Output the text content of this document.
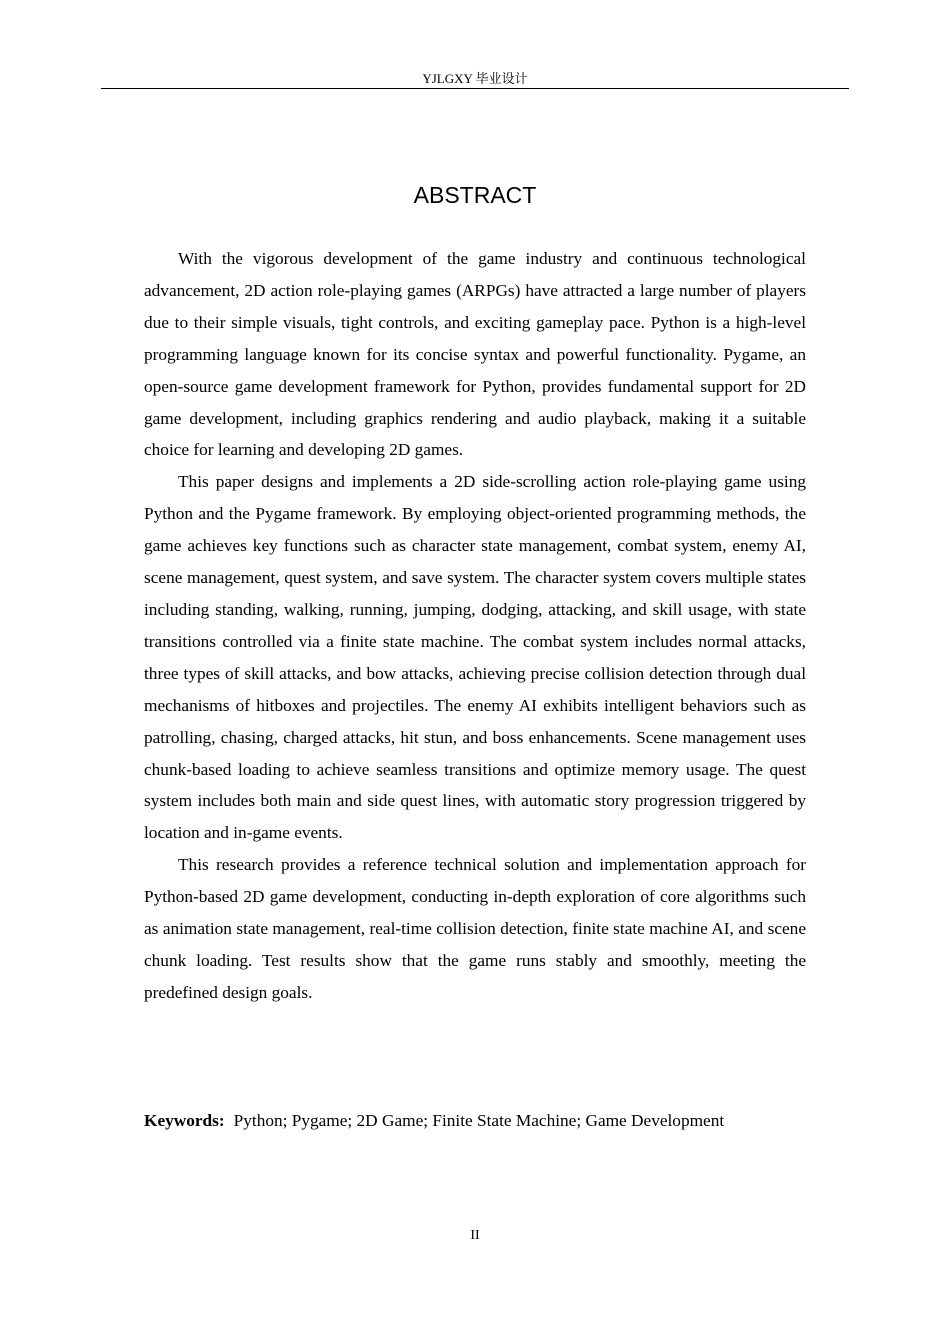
YJLGXY 毕业设计
ABSTRACT

With the vigorous development of the game industry and continuous technological advancement, 2D action role-playing games (ARPGs) have attracted a large number of players due to their simple visuals, tight controls, and exciting gameplay pace. Python is a high-level programming language known for its concise syntax and powerful functionality. Pygame, an open-source game development framework for Python, provides fundamental support for 2D game development, including graphics rendering and audio playback, making it a suitable choice for learning and developing 2D games.

This paper designs and implements a 2D side-scrolling action role-playing game using Python and the Pygame framework. By employing object-oriented programming methods, the game achieves key functions such as character state management, combat system, enemy AI, scene management, quest system, and save system. The character system covers multiple states including standing, walking, running, jumping, dodging, attacking, and skill usage, with state transitions controlled via a finite state machine. The combat system includes normal attacks, three types of skill attacks, and bow attacks, achieving precise collision detection through dual mechanisms of hitboxes and projectiles. The enemy AI exhibits intelligent behaviors such as patrolling, chasing, charged attacks, hit stun, and boss enhancements. Scene management uses chunk-based loading to achieve seamless transitions and optimize memory usage. The quest system includes both main and side quest lines, with automatic story progression triggered by location and in-game events.

This research provides a reference technical solution and implementation approach for Python-based 2D game development, conducting in-depth exploration of core algorithms such as animation state management, real-time collision detection, finite state machine AI, and scene chunk loading. Test results show that the game runs stably and smoothly, meeting the predefined design goals.

Keywords: Python; Pygame; 2D Game; Finite State Machine; Game Development
II
